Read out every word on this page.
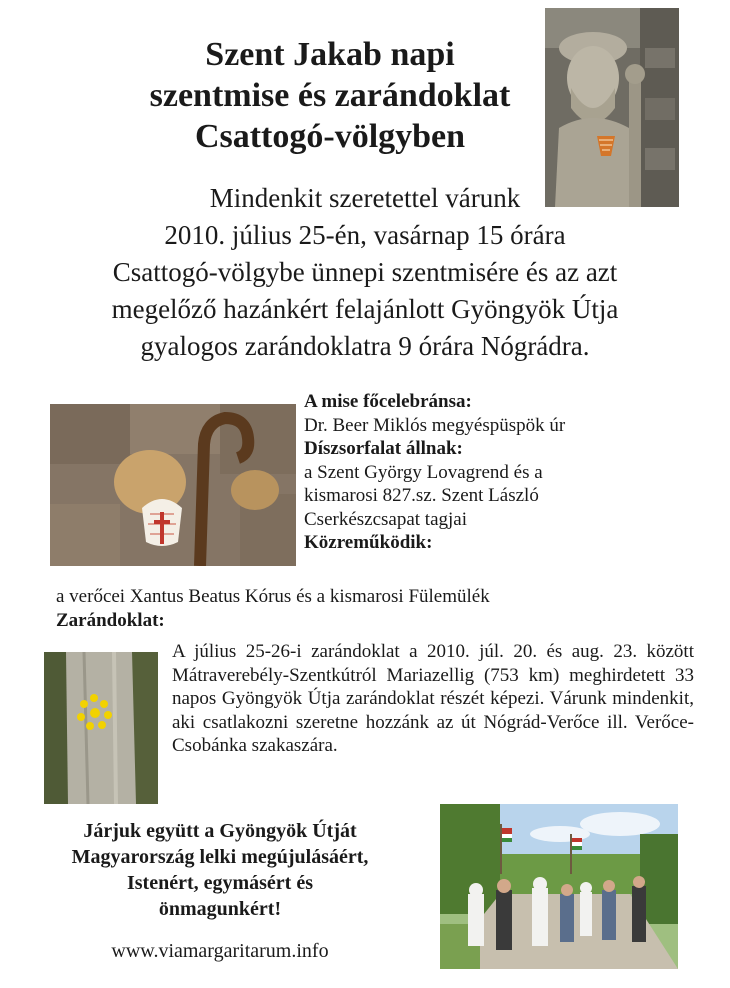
Szent Jakab napi
szentmise és zarándoklat
Csattogó-völgyben
Mindenkit szeretettel várunk
2010. július 25-én, vasárnap 15 órára
Csattogó-völgybe ünnepi szentmisére és az azt
megelőző hazánkért felajánlott Gyöngyök Útja
gyalogos zarándoklatra 9 órára Nógrádra.
A mise főcelebránsa:
Dr. Beer Miklós megyéspüspök úr
Díszsorfalat állnak:
a Szent György Lovagrend és a
kismarosi 827.sz. Szent László
Cserkészcsapat tagjai
Közreműködik:
a verőcei Xantus Beatus Kórus és a kismarosi Fülemülék
Zarándoklat:
A július 25-26-i zarándoklat a 2010. júl. 20. és aug. 23. között Mátraverebély-Szentkútról Mariazellig (753 km) meghirdetett 33 napos Gyöngyök Útja zarándoklat részét képezi. Várunk mindenkit, aki csatlakozni szeretne hozzánk az út Nógrád-Verőce ill. Verőce-Csobánka szakaszára.
Járjuk együtt a Gyöngyök Útját
Magyarország lelki megújulásáért,
Istenért, egymásért és
önmagunkért!
www.viamargaritarum.info
